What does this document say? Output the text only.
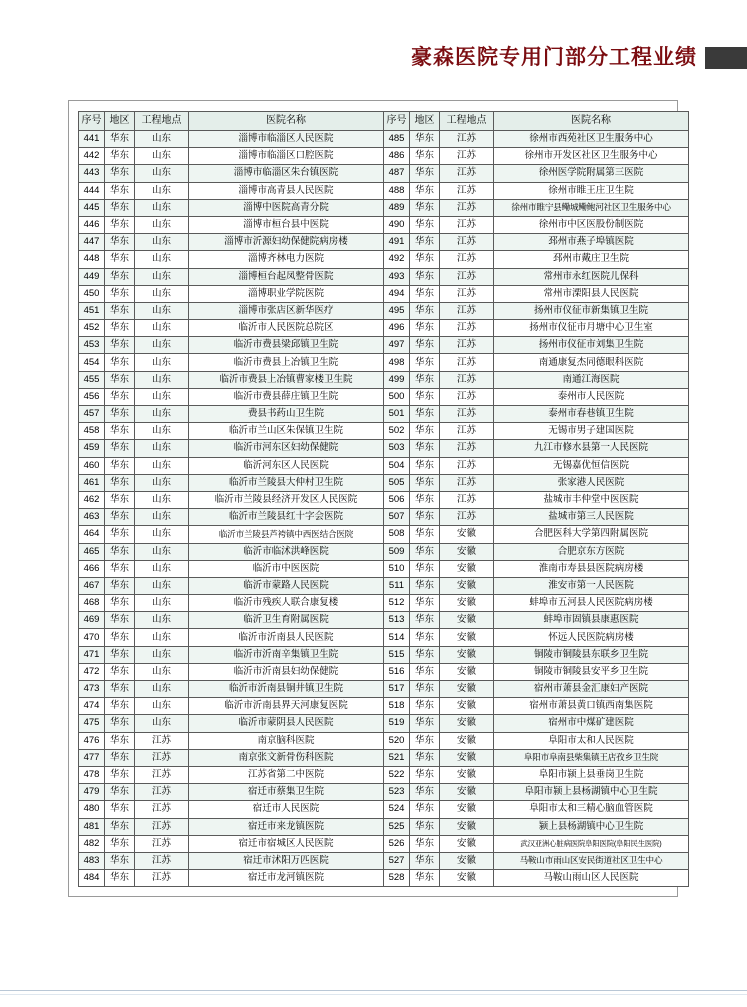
豪森医院专用门部分工程业绩
序号	地区	工程地点	医院名称	序号	地区	工程地点	医院名称
441	华东	山东	淄博市临淄区人民医院	485	华东	江苏	徐州市西苑社区卫生服务中心
442	华东	山东	淄博市临淄区口腔医院	486	华东	江苏	徐州市开发区社区卫生服务中心
443	华东	山东	淄博市临淄区朱台镇医院	487	华东	江苏	徐州医学院附属第三医院
444	华东	山东	淄博市高青县人民医院	488	华东	江苏	徐州市睢王庄卫生院
445	华东	山东	淄博中医院高青分院	489	华东	江苏	徐州市睢宁县鳓城鳓鲍河社区卫生服务中心
446	华东	山东	淄博市桓台县中医院	490	华东	江苏	徐州市中区医股份制医院
447	华东	山东	淄博市沂源妇幼保健院病房楼	491	华东	江苏	邳州市燕子埠镇医院
448	华东	山东	淄博齐林电力医院	492	华东	江苏	邳州市戴庄卫生院
449	华东	山东	淄博桓台起凤整骨医院	493	华东	江苏	常州市永红医院儿保科
450	华东	山东	淄博职业学院医院	494	华东	江苏	常州市溧阳县人民医院
451	华东	山东	淄博市张店区新华医疗	495	华东	江苏	扬州市仪征市新集镇卫生院
452	华东	山东	临沂市人民医院总院区	496	华东	江苏	扬州市仪征市月塘中心卫生室
453	华东	山东	临沂市费县梁邱镇卫生院	497	华东	江苏	扬州市仪征市刘集卫生院
454	华东	山东	临沂市费县上冶镇卫生院	498	华东	江苏	南通康复杰同德眼科医院
455	华东	山东	临沂市费县上冶镇曹家楼卫生院	499	华东	江苏	南通江海医院
456	华东	山东	临沂市费县薛庄镇卫生院	500	华东	江苏	泰州市人民医院
457	华东	山东	费县书药山卫生院	501	华东	江苏	泰州市春巷镇卫生院
458	华东	山东	临沂市兰山区朱保镇卫生院	502	华东	江苏	无锡市男子建国医院
459	华东	山东	临沂市河东区妇幼保健院	503	华东	江苏	九江市修水县第一人民医院
460	华东	山东	临沂河东区人民医院	504	华东	江苏	无锡嘉优恒信医院
461	华东	山东	临沂市兰陵县大仲村卫生院	505	华东	江苏	张家港人民医院
462	华东	山东	临沂市兰陵县经济开发区人民医院	506	华东	江苏	盐城市丰仲堂中医医院
463	华东	山东	临沂市兰陵县红十字会医院	507	华东	江苏	盐城市第三人民医院
464	华东	山东	临沂市兰陵县芦袴镇中西医结合医院	508	华东	安徽	合肥医科大学第四附属医院
465	华东	山东	临沂市临沭洪峰医院	509	华东	安徽	合肥京东方医院
466	华东	山东	临沂市中医医院	510	华东	安徽	淮南市寿县县医院病房楼
467	华东	山东	临沂市蒙路人民医院	511	华东	安徽	淮安市第一人民医院
468	华东	山东	临沂市残疾人联合康复楼	512	华东	安徽	蚌埠市五河县人民医院病房楼
469	华东	山东	临沂卫生育附属医院	513	华东	安徽	蚌埠市固镇县康惠医院
470	华东	山东	临沂市沂南县人民医院	514	华东	安徽	怀远人民医院病房楼
471	华东	山东	临沂市沂南辛集镇卫生院	515	华东	安徽	铜陵市铜陵县东联乡卫生院
472	华东	山东	临沂市沂南县妇幼保健院	516	华东	安徽	铜陵市铜陵县安平乡卫生院
473	华东	山东	临沂市沂南县铜井镇卫生院	517	华东	安徽	宿州市萧县金汇康妇产医院
474	华东	山东	临沂市沂南县界天河康复医院	518	华东	安徽	宿州市萧县黄口镇西南集医院
475	华东	山东	临沂市蒙阴县人民医院	519	华东	安徽	宿州市中煤矿建医院
476	华东	江苏	南京脑科医院	520	华东	安徽	阜阳市太和人民医院
477	华东	江苏	南京张文新骨伤科医院	521	华东	安徽	阜阳市阜南县柴集镇王店孜乡卫生院
478	华东	江苏	江苏省第二中医院	522	华东	安徽	阜阳市颍上县垂岗卫生院
479	华东	江苏	宿迁市蔡集卫生院	523	华东	安徽	阜阳市颍上县杨湖镇中心卫生院
480	华东	江苏	宿迁市人民医院	524	华东	安徽	阜阳市太和三精心脑血管医院
481	华东	江苏	宿迁市来龙镇医院	525	华东	安徽	颍上县杨湖镇中心卫生院
482	华东	江苏	宿迁市宿城区人民医院	526	华东	安徽	武汉亚洲心脏病医院阜阳医院(阜阳民生医院)
483	华东	江苏	宿迁市沭阳万匹医院	527	华东	安徽	马鞍山市雨山区安民街道社区卫生中心
484	华东	江苏	宿迁市龙河镇医院	528	华东	安徽	马鞍山雨山区人民医院
